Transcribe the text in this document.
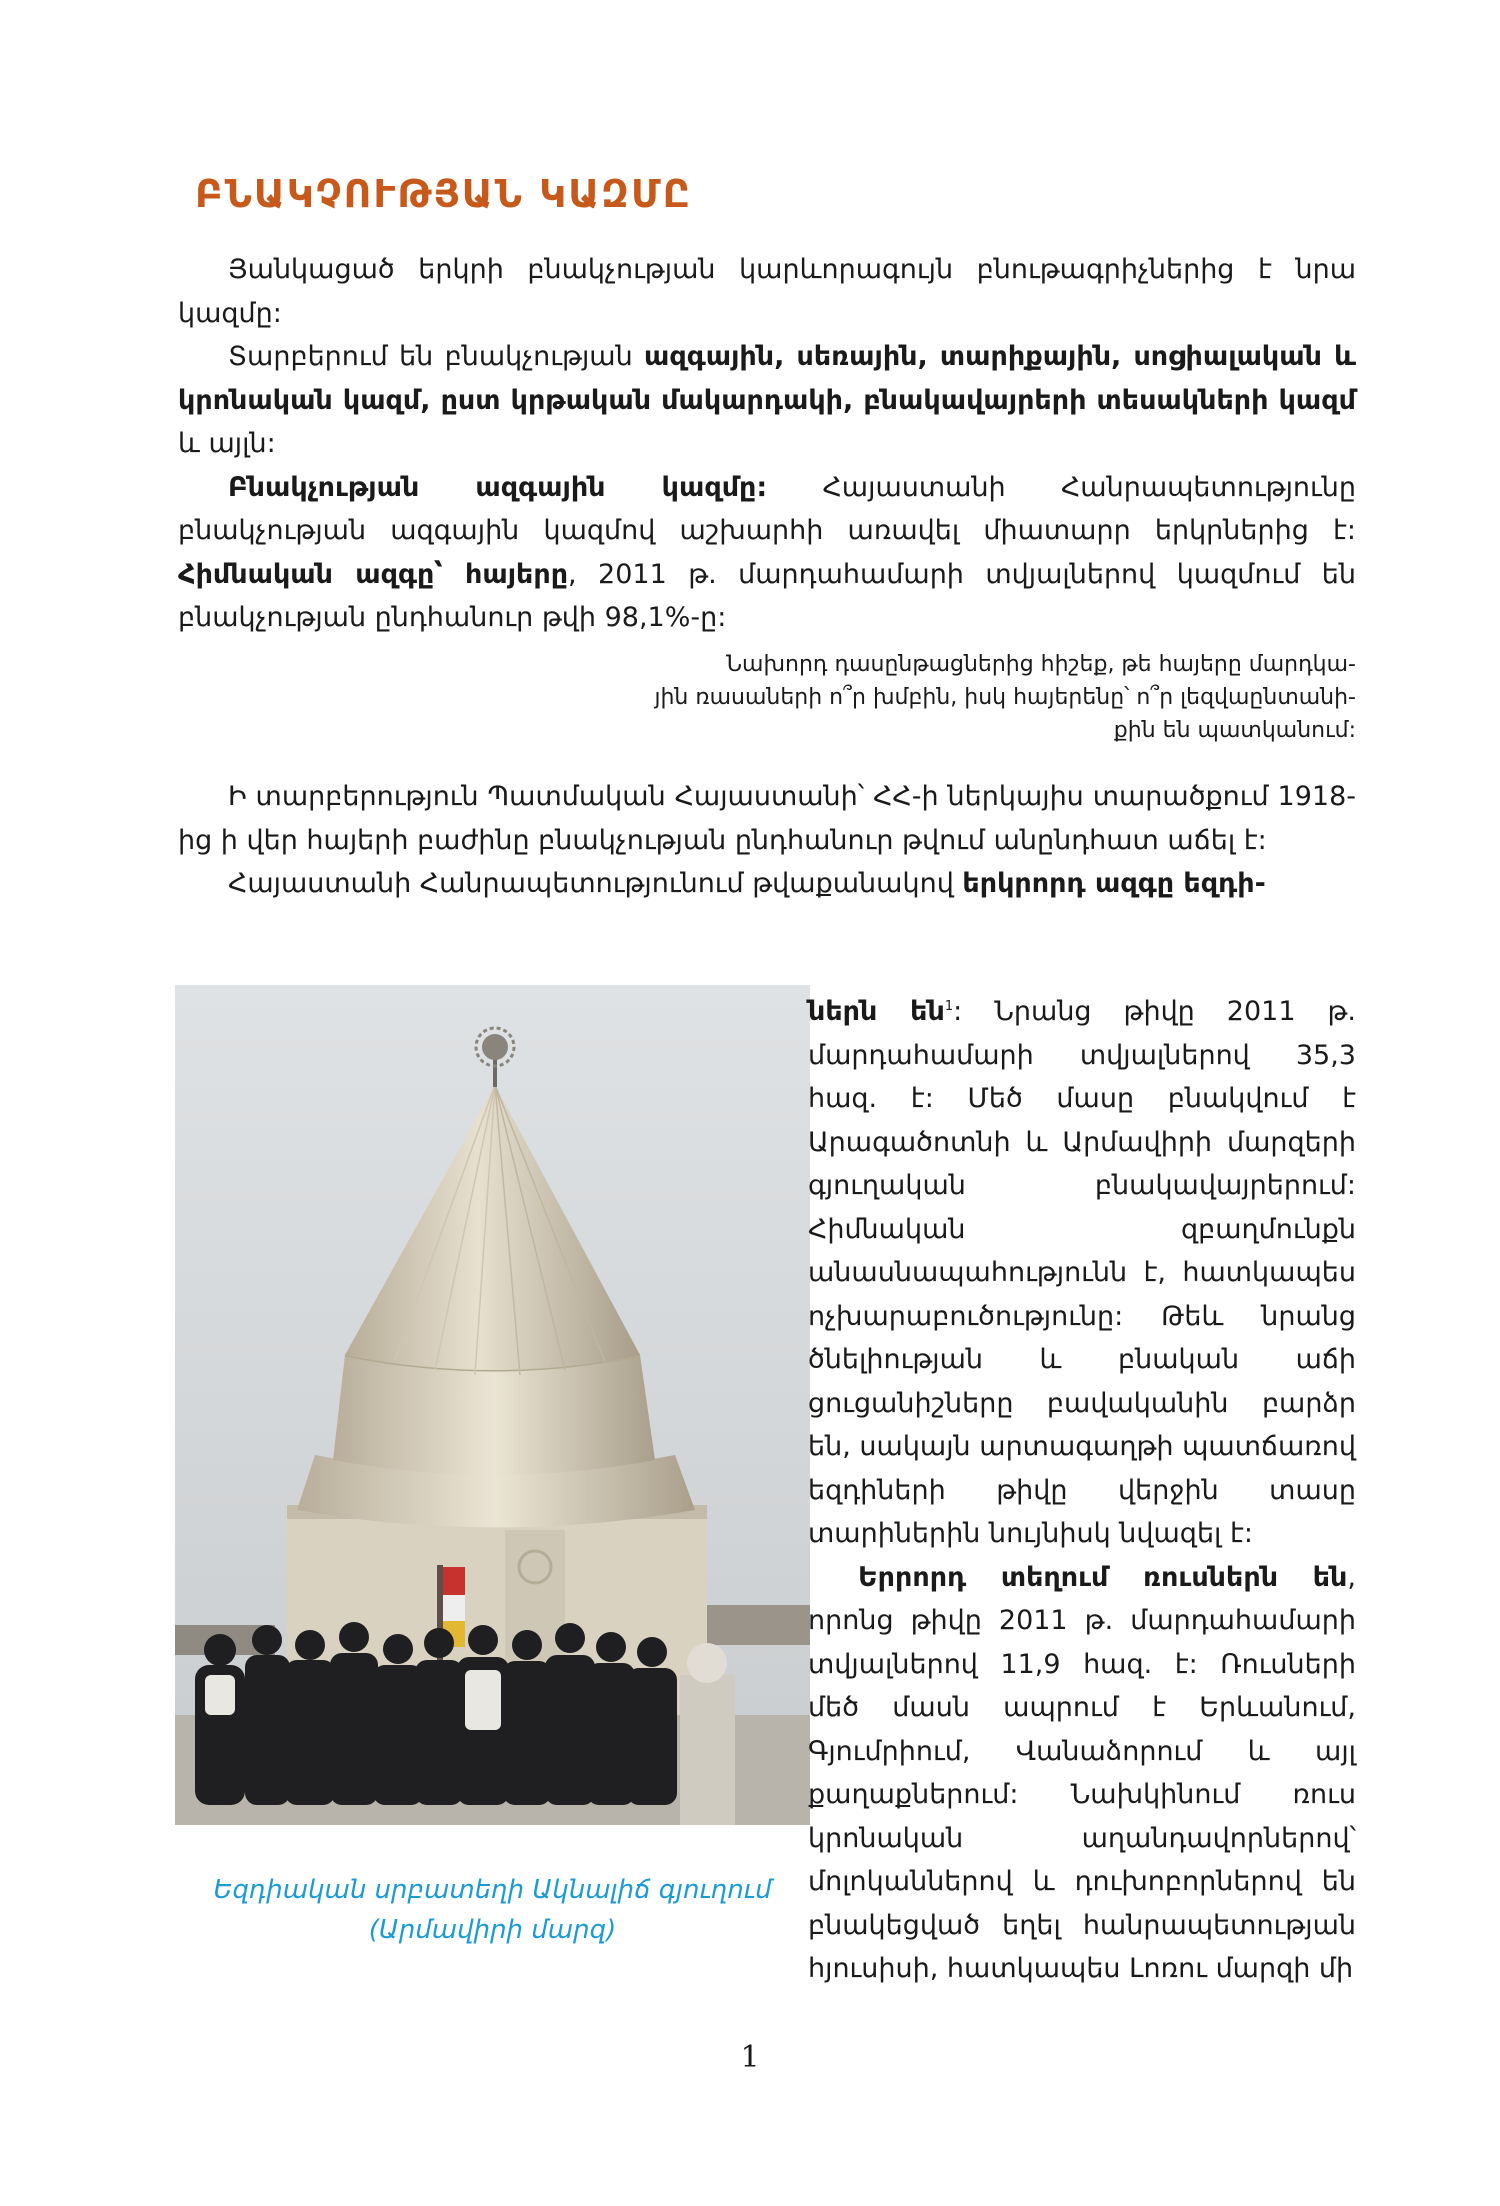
ԲՆԱԿՉՈՒԹՅԱՆ ԿԱԶՄԸ

Յանկացած երկրի բնակչության կարևորագույն բնութագրիչներից է նրա կազմը:

Տարբերում են բնակչության ազգային, սեռային, տարիքային, սոցիալական և կրոնական կազմ, ըստ կրթական մակարդակի, բնակավայրերի տեսակների կազմ և այլն:

Բնակչության ազգային կազմը: Հայաստանի Հանրապետությունը բնակչության ազգային կազմով աշխարհի առավել միատարր երկրներից է: Հիմնական ազգը՝ հայերը, 2011 թ. մարդահամարի տվյալներով կազմում են բնակչության ընդհանուր թվի 98,1%-ը:

Նախորդ դասընթացներից հիշեք, թե հայերը մարդկա-
յին ռասաների ո՞ր խմբին, իսկ հայերենը՝ ո՞ր լեզվաընտանի-
քին են պատկանում:

Ի տարբերություն Պատմական Հայաստանի՝ ՀՀ-ի ներկայիս տարածքում 1918-ից ի վեր հայերի բաժինը բնակչության ընդհանուր թվում անընդհատ աճել է:

Հայաստանի Հանրապետությունում թվաքանակով երկրորդ ազգը եզդի-

ներն են$^1$: Նրանց թիվը 2011 թ. մարդահամարի տվյալներով 35,3 հազ. է: Մեծ մասը բնակվում է Արագածոտնի և Արմավիրի մարզերի գյուղական բնակավայրերում: Հիմնական զբաղմունքն անասնապահությունն է, հատկապես ոչխարաբուծությունը: Թեև նրանց ծնելիության և բնական աճի ցուցանիշները բավականին բարձր են, սակայն արտագաղթի պատճառով եզդիների թիվը վերջին տասը տարիներին նույնիսկ նվազել է:

Երրորդ տեղում ռուսներն են, որոնց թիվը 2011 թ. մարդահամարի տվյալներով 11,9 հազ. է: Ռուսների մեծ մասն ապրում է Երևանում, Գյումրիում, Վանաձորում և այլ քաղաքներում: Նախկինում ռուս կրոնական աղանդավորներով՝ մոլոկաններով և դուխոբորներով են բնակեցված եղել հանրապետության հյուսիսի, հատկապես Լոռու մարզի մի

Եզդիական սրբատեղի Ակնալիճ գյուղում
(Արմավիրի մարզ)
1
